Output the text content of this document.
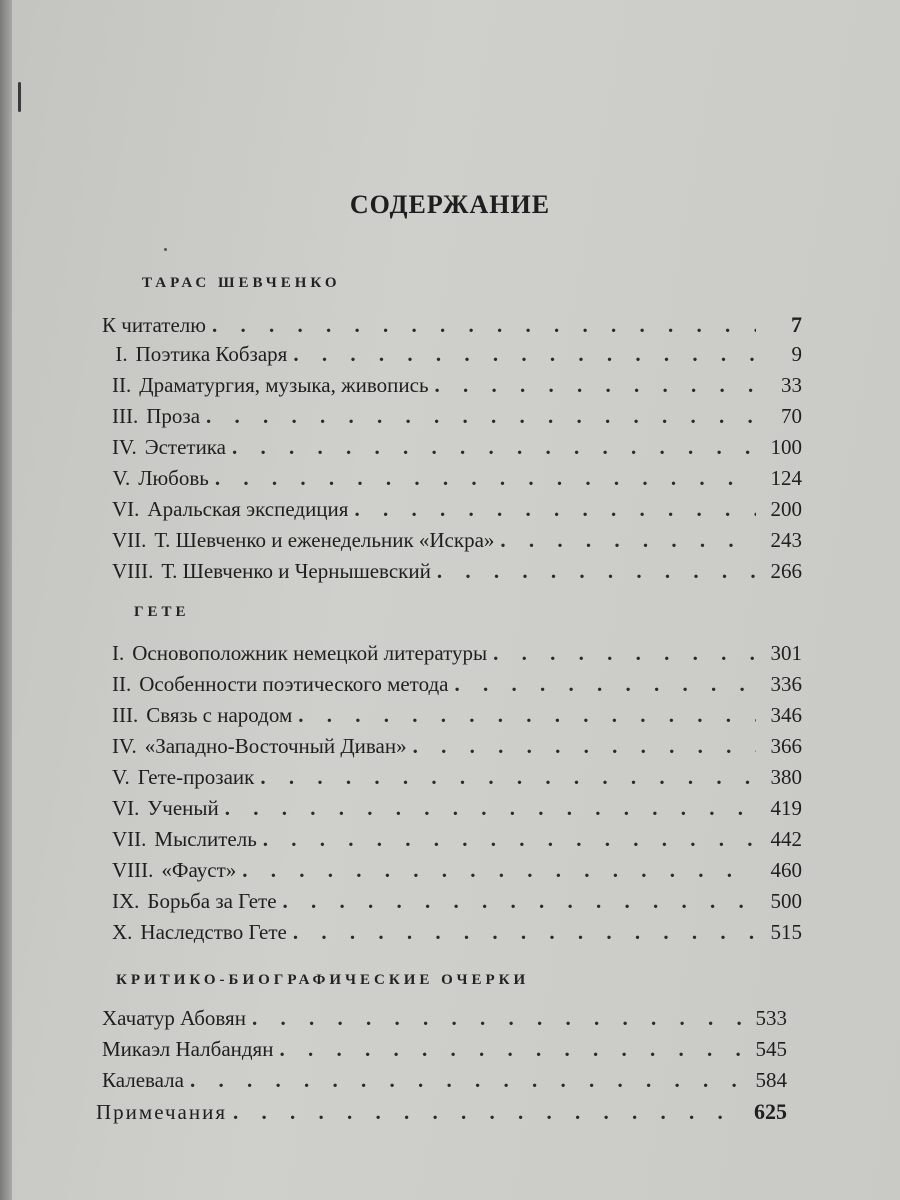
СОДЕРЖАНИЕ
ТАРАС ШЕВЧЕНКО
К читателю . . .	7
I. Поэтика Кобзаря . . .	9
II. Драматургия, музыка, живопись . . .	33
III. Проза . . .	70
IV. Эстетика . . .	100
V. Любовь . . .	124
VI. Аральская экспедиция . . .	200
VII. Т. Шевченко и еженедельник «Искра» . . .	243
VIII. Т. Шевченко и Чернышевский . . .	266
ГЕТЕ
I. Основоположник немецкой литературы . . .	301
II. Особенности поэтического метода . . .	336
III. Связь с народом . . .	346
IV. «Западно-Восточный Диван» . . .	366
V. Гете-прозаик . . .	380
VI. Ученый . . .	419
VII. Мыслитель . . .	442
VIII. «Фауст» . . .	460
IX. Борьба за Гете . . .	500
X. Наследство Гете . . .	515
КРИТИКО-БИОГРАФИЧЕСКИЕ ОЧЕРКИ
Хачатур Абовян . . .	533
Микаэл Налбандян . . .	545
Калевала . . .	584
Примечания . . .	625
